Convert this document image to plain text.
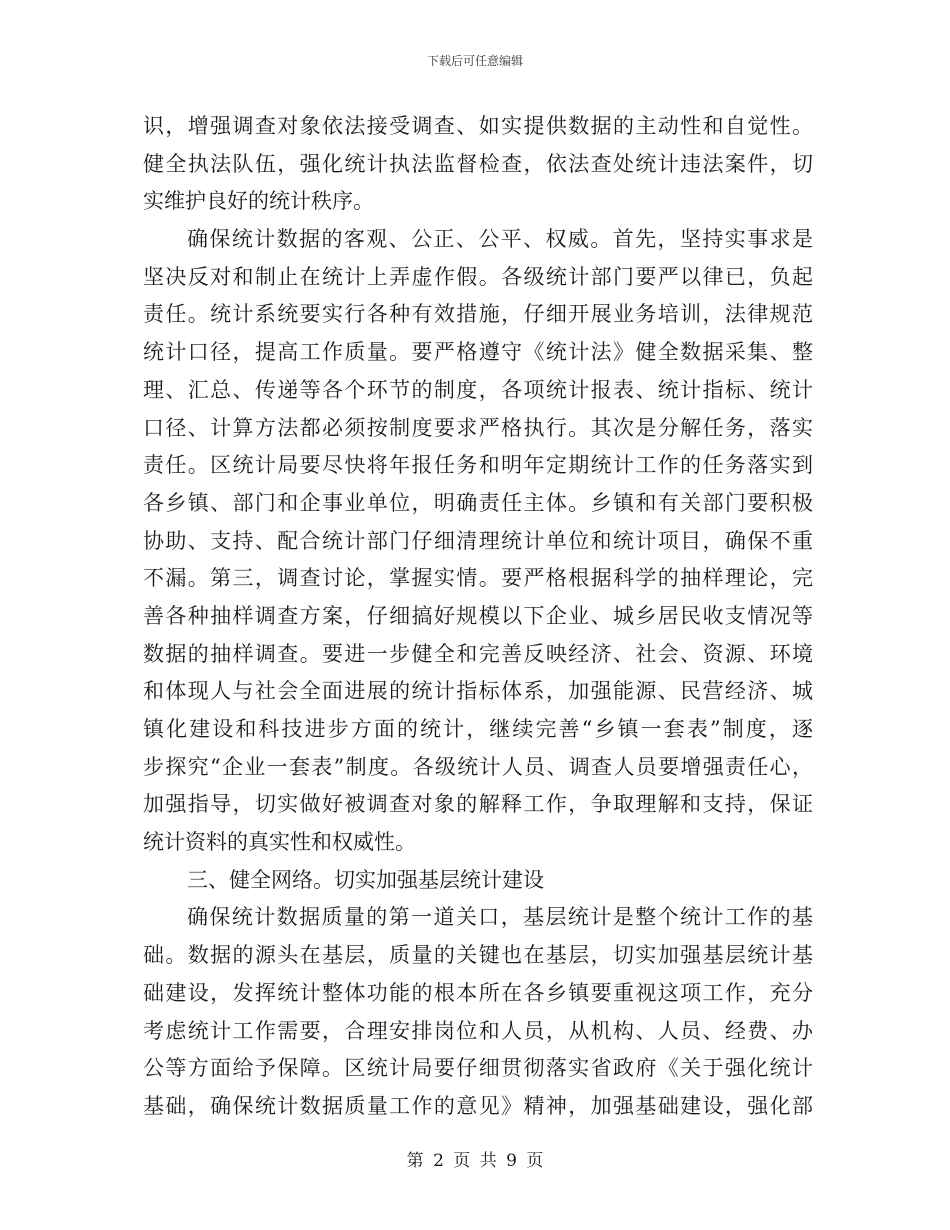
下载后可任意编辑
识，增强调查对象依法接受调查、如实提供数据的主动性和自觉性。
健全执法队伍，强化统计执法监督检查，依法查处统计违法案件，切
实维护良好的统计秩序。
确保统计数据的客观、公正、公平、权威。首先，坚持实事求是
坚决反对和制止在统计上弄虚作假。各级统计部门要严以律已，负起
责任。统计系统要实行各种有效措施，仔细开展业务培训，法律规范
统计口径，提高工作质量。要严格遵守《统计法》健全数据采集、整
理、汇总、传递等各个环节的制度，各项统计报表、统计指标、统计
口径、计算方法都必须按制度要求严格执行。其次是分解任务，落实
责任。区统计局要尽快将年报任务和明年定期统计工作的任务落实到
各乡镇、部门和企事业单位，明确责任主体。乡镇和有关部门要积极
协助、支持、配合统计部门仔细清理统计单位和统计项目，确保不重
不漏。第三，调查讨论，掌握实情。要严格根据科学的抽样理论，完
善各种抽样调查方案，仔细搞好规模以下企业、城乡居民收支情况等
数据的抽样调查。要进一步健全和完善反映经济、社会、资源、环境
和体现人与社会全面进展的统计指标体系，加强能源、民营经济、城
镇化建设和科技进步方面的统计，继续完善“乡镇一套表”制度，逐
步探究“企业一套表”制度。各级统计人员、调查人员要增强责任心，
加强指导，切实做好被调查对象的解释工作，争取理解和支持，保证
统计资料的真实性和权威性。
三、健全网络。切实加强基层统计建设
确保统计数据质量的第一道关口，基层统计是整个统计工作的基
础。数据的源头在基层，质量的关键也在基层，切实加强基层统计基
础建设，发挥统计整体功能的根本所在各乡镇要重视这项工作，充分
考虑统计工作需要，合理安排岗位和人员，从机构、人员、经费、办
公等方面给予保障。区统计局要仔细贯彻落实省政府《关于强化统计
基础，确保统计数据质量工作的意见》精神，加强基础建设，强化部
第 2 页 共 9 页
